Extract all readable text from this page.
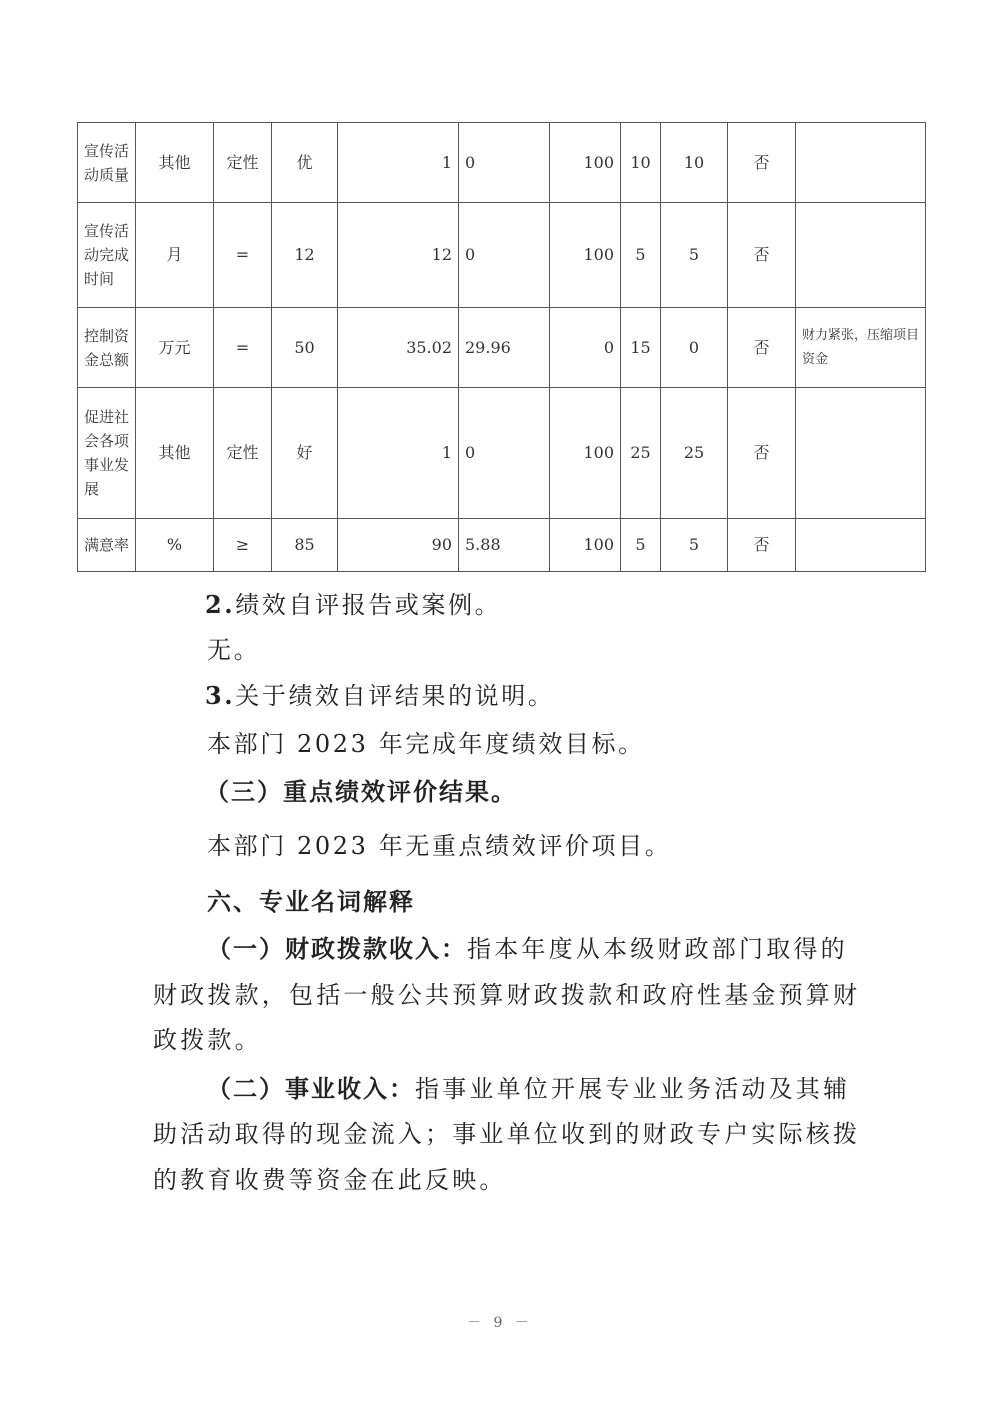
宣传活动质量	其他	定性	优	1	0	100	10	10	否	
宣传活动完成时间	月	=	12	12	0	100	5	5	否	
控制资金总额	万元	=	50	35.02	29.96	0	15	0	否	财力紧张，压缩项目资金
促进社会各项事业发展	其他	定性	好	1	0	100	25	25	否	
满意率	%	≥	85	90	5.88	100	5	5	否	
2.绩效自评报告或案例。
无。
3.关于绩效自评结果的说明。
本部门 2023 年完成年度绩效目标。
（三）重点绩效评价结果。
本部门 2023 年无重点绩效评价项目。
六、专业名词解释
（一）财政拨款收入：指本年度从本级财政部门取得的
财政拨款，包括一般公共预算财政拨款和政府性基金预算财
政拨款。
（二）事业收入：指事业单位开展专业业务活动及其辅
助活动取得的现金流入；事业单位收到的财政专户实际核拨
的教育收费等资金在此反映。
－ 9 －
